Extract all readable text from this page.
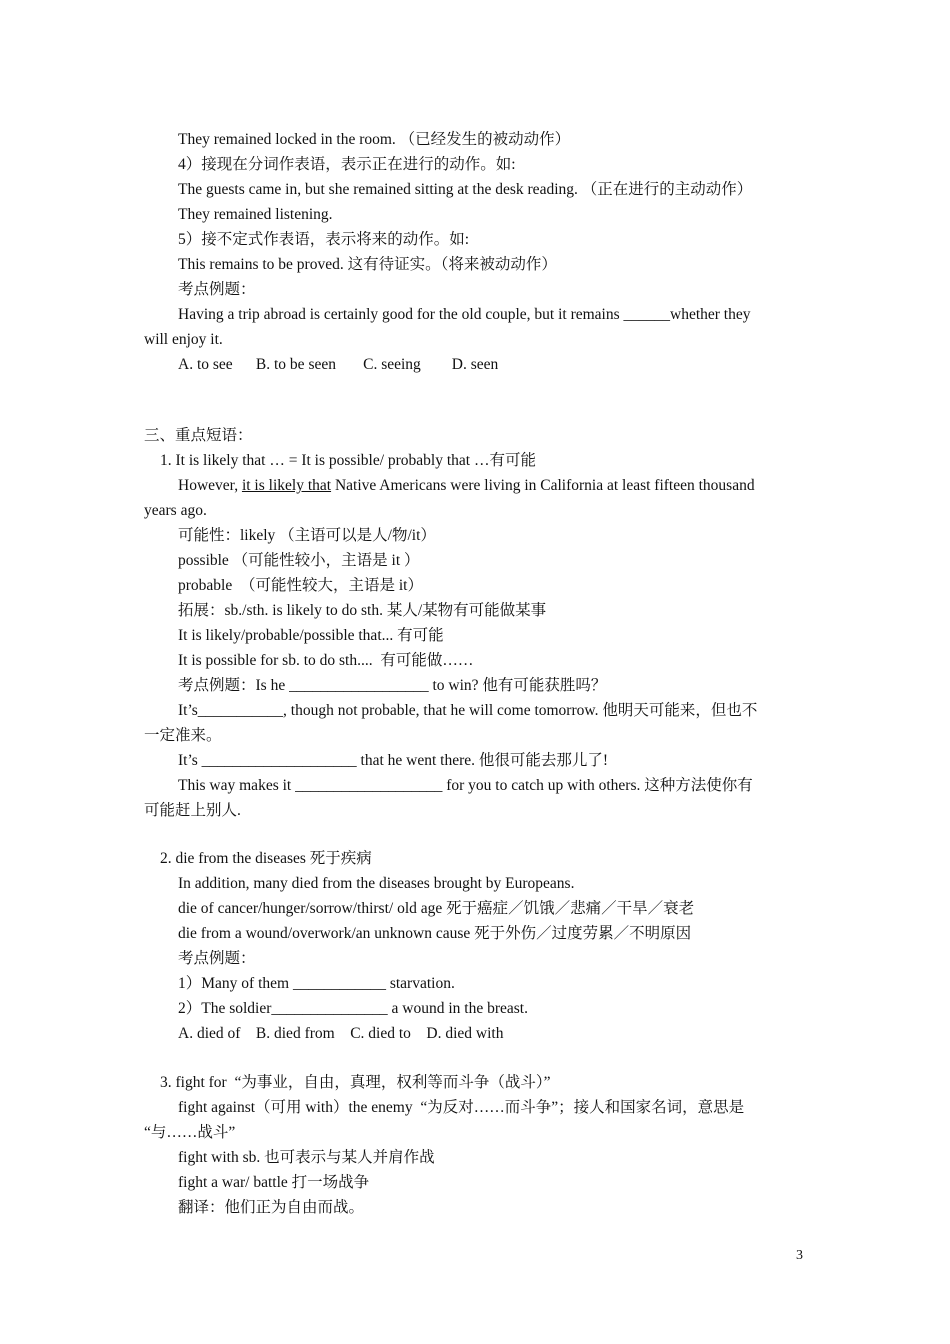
They remained locked in the room. （已经发生的被动动作）
4）接现在分词作表语，表示正在进行的动作。如:
The guests came in, but she remained sitting at the desk reading. （正在进行的主动动作）
They remained listening.
5）接不定式作表语，表示将来的动作。如:
This remains to be proved. 这有待证实。（将来被动动作）
考点例题：
Having a trip abroad is certainly good for the old couple, but it remains ______whether they
will enjoy it.
A. to see      B. to be seen       C. seeing        D. seen
三、重点短语：
1. It is likely that … = It is possible/ probably that …有可能
However, it is likely that Native Americans were living in California at least fifteen thousand
years ago.
可能性：likely （主语可以是人/物/it）
possible （可能性较小，主语是 it ）
probable  （可能性较大，主语是 it）
拓展：sb./sth. is likely to do sth. 某人/某物有可能做某事
It is likely/probable/possible that... 有可能
It is possible for sb. to do sth....  有可能做……
考点例题：Is he __________________ to win? 他有可能获胜吗？
It’s___________, though not probable, that he will come tomorrow. 他明天可能来，但也不
一定准来。
It’s ____________________ that he went there. 他很可能去那儿了!
This way makes it ___________________ for you to catch up with others. 这种方法使你有
可能赶上别人.
2. die from the diseases 死于疾病
In addition, many died from the diseases brought by Europeans.
die of cancer/hunger/sorrow/thirst/ old age 死于癌症／饥饿／悲痛／干旱／衰老
die from a wound/overwork/an unknown cause 死于外伤／过度劳累／不明原因
考点例题：
1）Many of them ____________ starvation.
2）The soldier_______________ a wound in the breast.
A. died of    B. died from    C. died to    D. died with
3. fight for  “为事业，自由，真理，权利等而斗争（战斗）”
fight against（可用 with）the enemy  “为反对……而斗争”；接人和国家名词，意思是
“与……战斗”
fight with sb. 也可表示与某人并肩作战
fight a war/ battle 打一场战争
翻译：他们正为自由而战。
3
